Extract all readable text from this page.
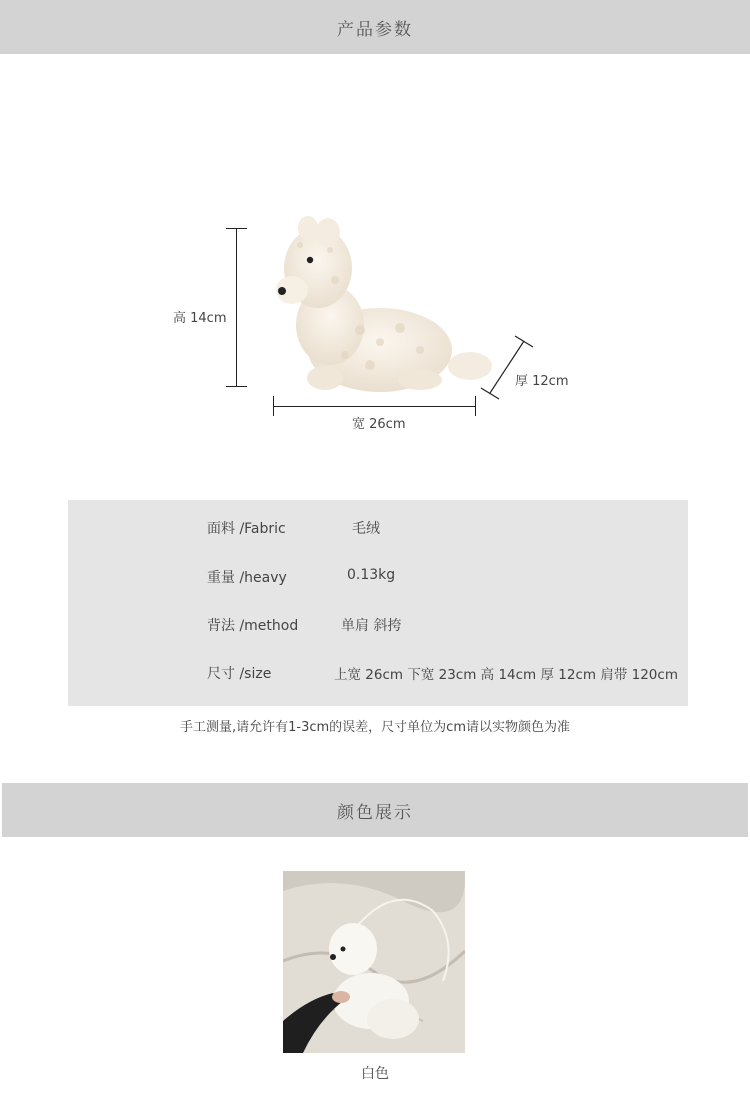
产品参数
高 14cm
厚 12cm
宽 26cm
面料 /Fabric	毛绒
重量 /heavy	0.13kg
背法 /method	单肩 斜挎
尺寸 /size	上宽 26cm 下宽 23cm 高 14cm 厚 12cm 肩带 120cm
手工测量,请允许有1-3cm的误差，尺寸单位为cm请以实物颜色为准
颜色展示
白色
